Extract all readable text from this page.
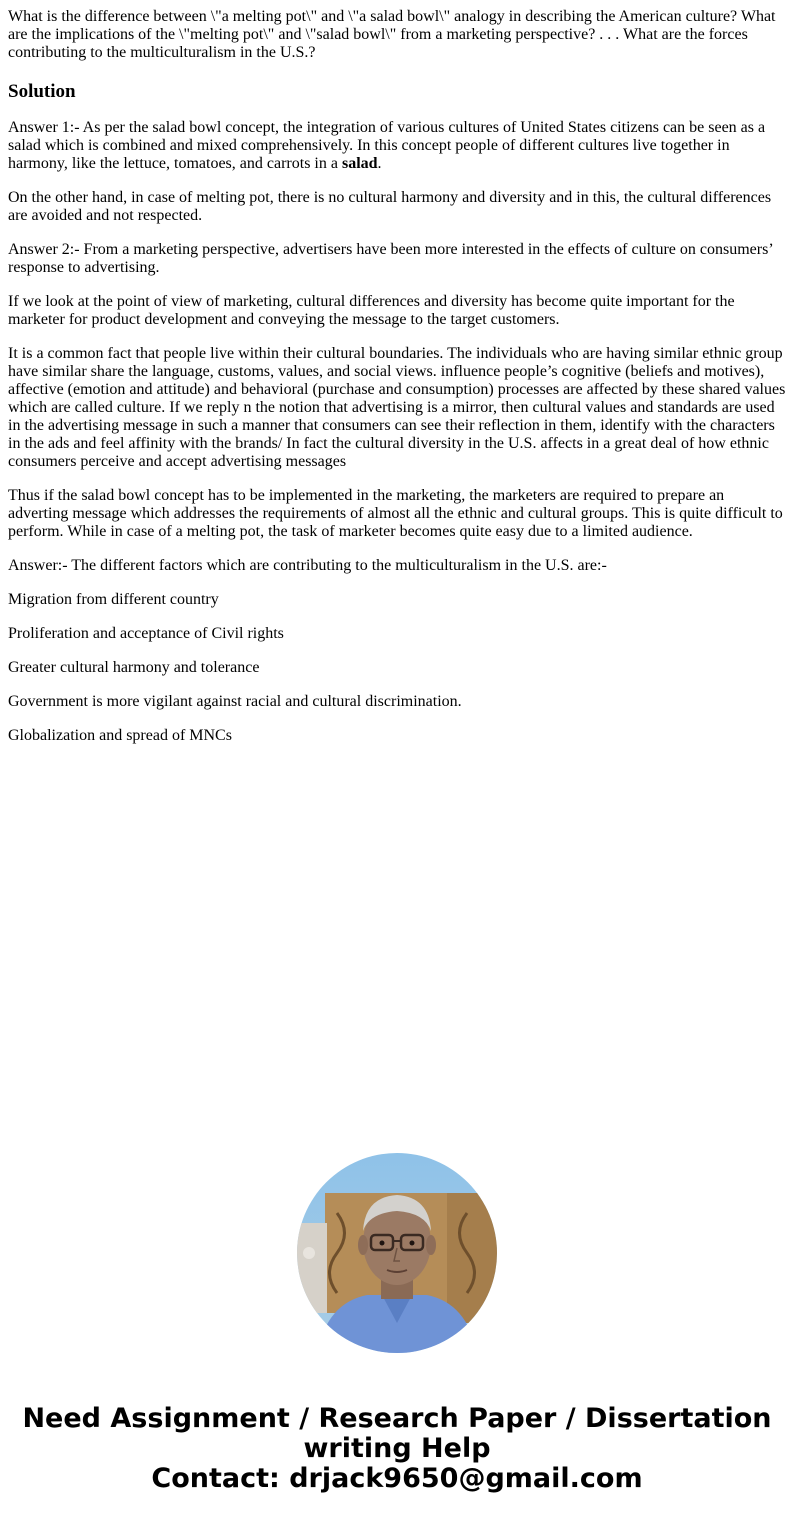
What is the difference between \"a melting pot\" and \"a salad bowl\" analogy in describing the American culture? What are the implications of the \"melting pot\" and \"salad bowl\" from a marketing perspective? . . . What are the forces contributing to the multiculturalism in the U.S.?

Solution

Answer 1:- As per the salad bowl concept, the integration of various cultures of United States citizens can be seen as a salad which is combined and mixed comprehensively. In this concept people of different cultures live together in harmony, like the lettuce, tomatoes, and carrots in a salad.

On the other hand, in case of melting pot, there is no cultural harmony and diversity and in this, the cultural differences are avoided and not respected.

Answer 2:- From a marketing perspective, advertisers have been more interested in the effects of culture on consumers’ response to advertising.

If we look at the point of view of marketing, cultural differences and diversity has become quite important for the marketer for product development and conveying the message to the target customers.

It is a common fact that people live within their cultural boundaries. The individuals who are having similar ethnic group have similar share the language, customs, values, and social views. influence people’s cognitive (beliefs and motives), affective (emotion and attitude) and behavioral (purchase and consumption) processes are affected by these shared values which are called culture. If we reply n the notion that advertising is a mirror, then cultural values and standards are used in the advertising message in such a manner that consumers can see their reflection in them, identify with the characters in the ads and feel affinity with the brands/ In fact the cultural diversity in the U.S. affects in a great deal of how ethnic consumers perceive and accept advertising messages

Thus if the salad bowl concept has to be implemented in the marketing, the marketers are required to prepare an adverting message which addresses the requirements of almost all the ethnic and cultural groups. This is quite difficult to perform. While in case of a melting pot, the task of marketer becomes quite easy due to a limited audience.

Answer:- The different factors which are contributing to the multiculturalism in the U.S. are:-

Migration from different country

Proliferation and acceptance of Civil rights

Greater cultural harmony and tolerance

Government is more vigilant against racial and cultural discrimination.

Globalization and spread of MNCs

Need Assignment / Research Paper / Dissertation
writing Help
Contact: drjack9650@gmail.com
